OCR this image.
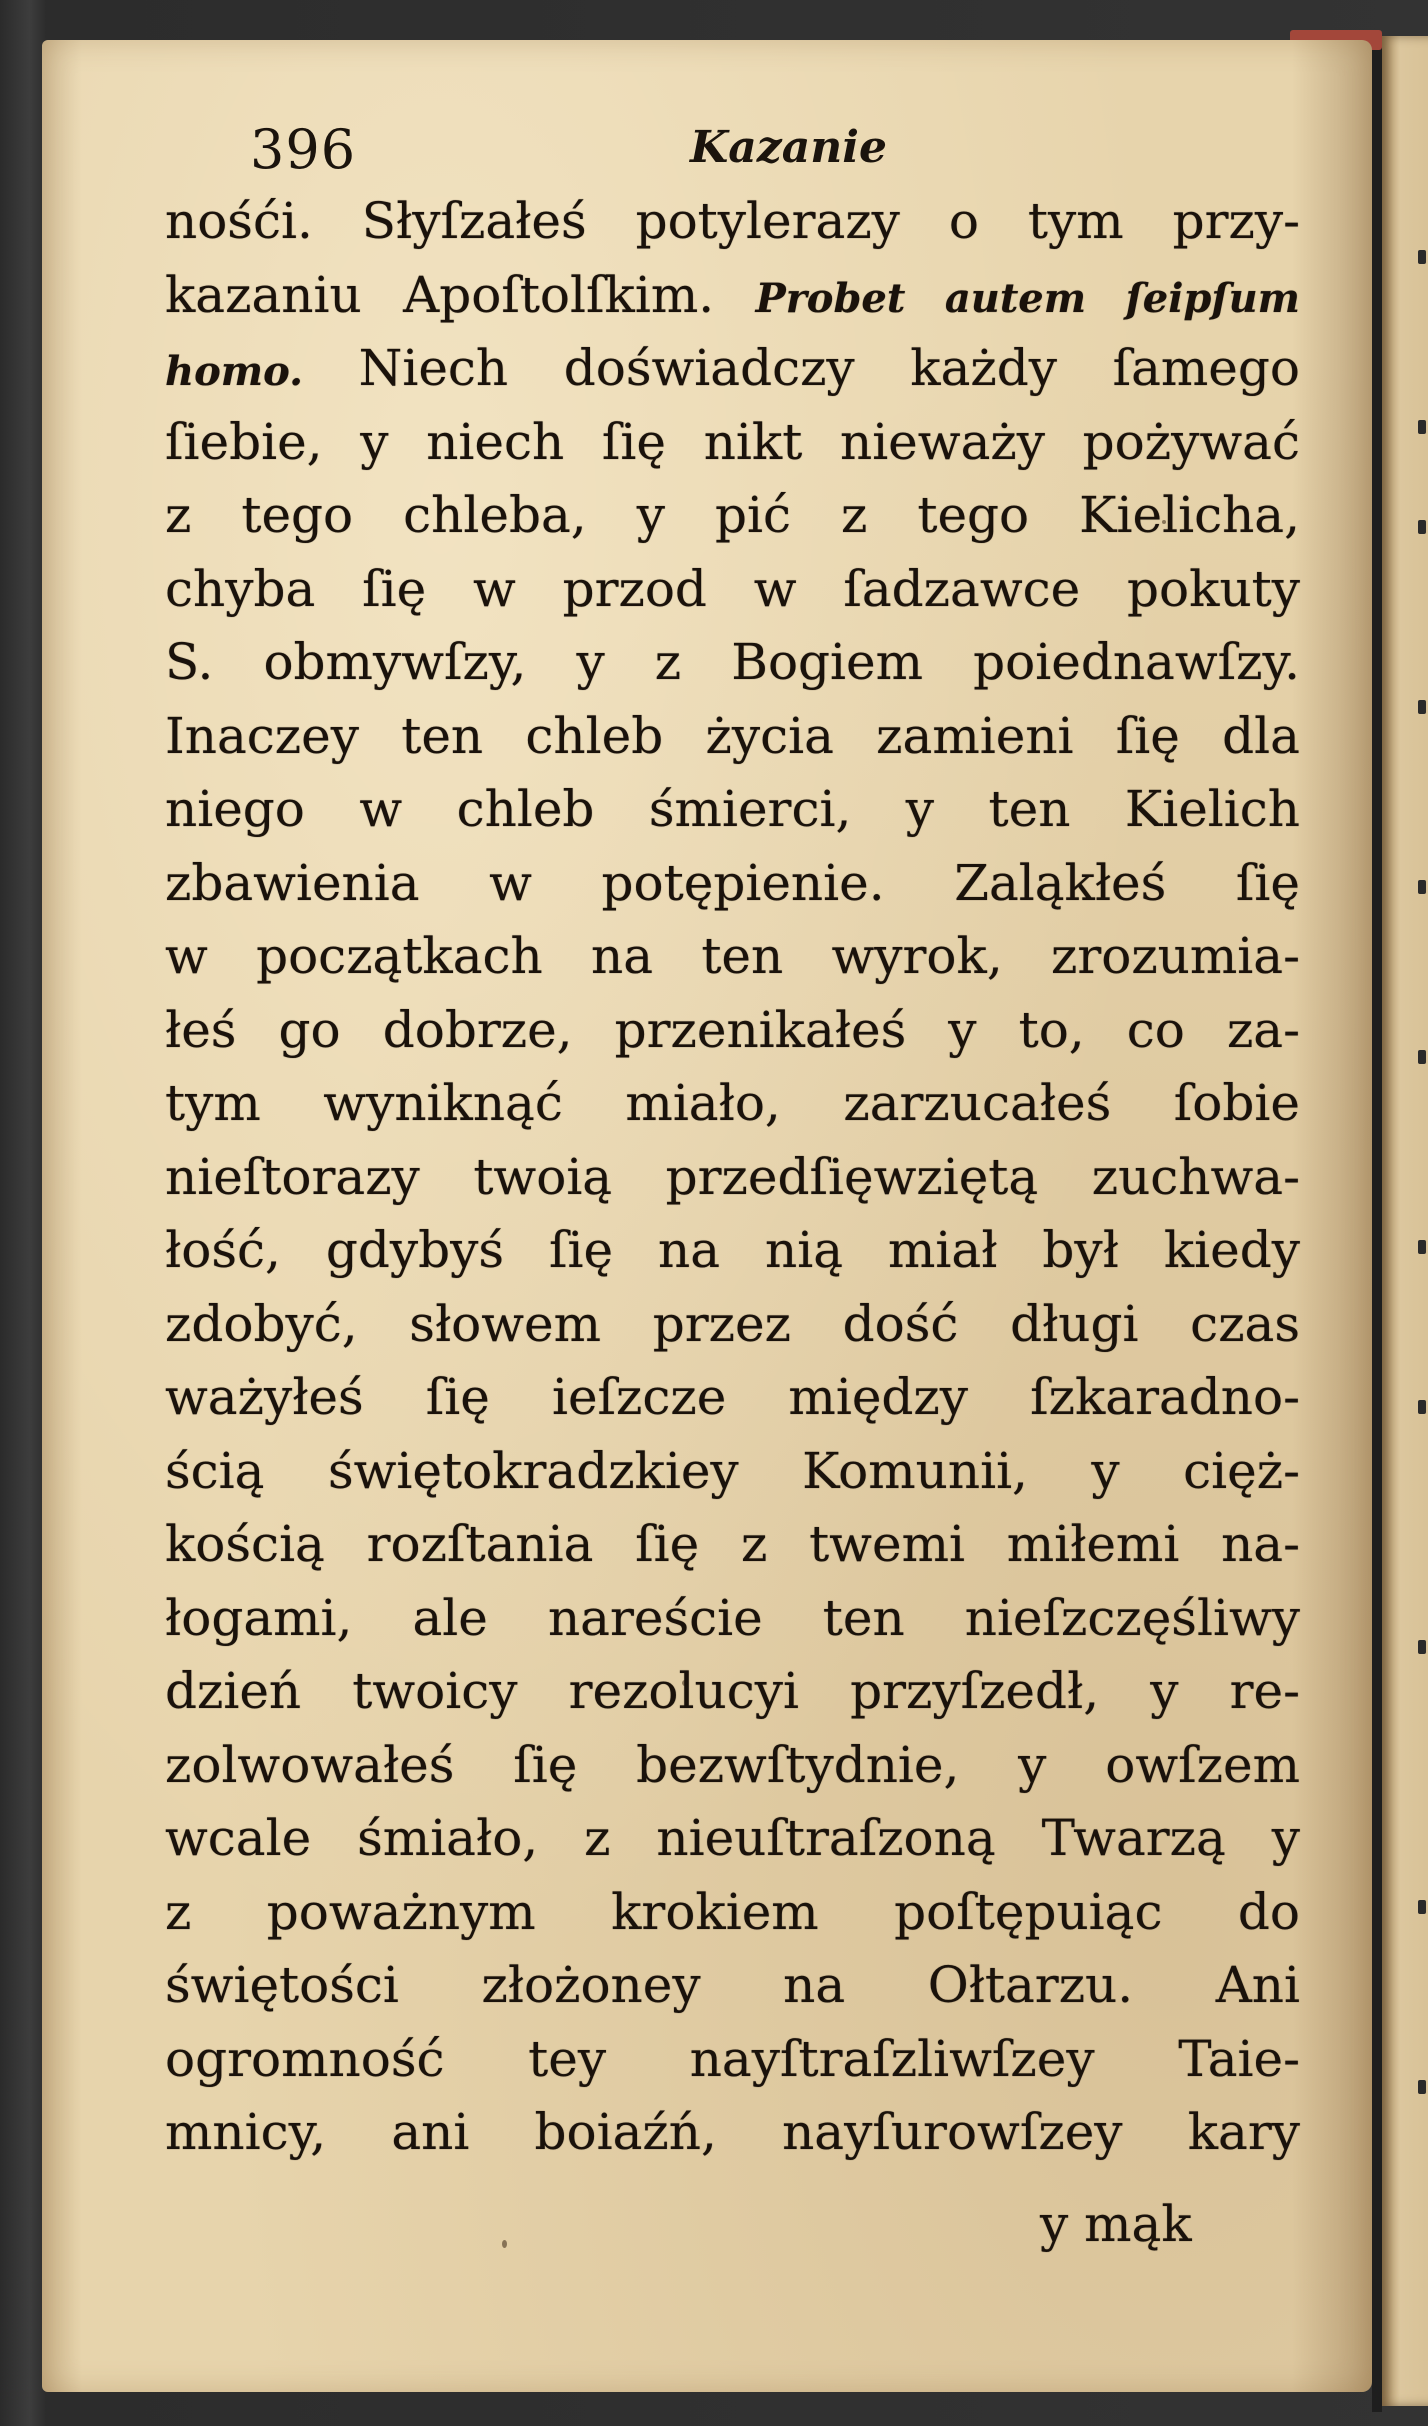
396	Kazanie
nośći. Słyſzałeś potylerazy o tym przy-
kazaniu Apoſtolſkim. Probet autem ſeipſum
homo. Niech doświadczy każdy ſamego
ſiebie, y niech ſię nikt nieważy pożywać
z tego chleba, y pić z tego Kielicha,
chyba ſię w przod w ſadzawce pokuty
S. obmywſzy, y z Bogiem poiednawſzy.
Inaczey ten chleb życia zamieni ſię dla
niego w chleb śmierci, y ten Kielich
zbawienia w potępienie. Zaląkłeś ſię
w początkach na ten wyrok, zrozumia-
łeś go dobrze, przenikałeś y to, co za-
tym wyniknąć miało, zarzucałeś ſobie
nieſtorazy twoią przedſięwziętą zuchwa-
łość, gdybyś ſię na nią miał był kiedy
zdobyć, słowem przez dość długi czas
ważyłeś ſię ieſzcze między ſzkaradno-
ścią świętokradzkiey Komunii, y cięż-
kością rozſtania ſię z twemi miłemi na-
łogami, ale nareście ten nieſzczęśliwy
dzień twoicy rezolucyi przyſzedł, y re-
zolwowałeś ſię bezwſtydnie, y owſzem
wcale śmiało, z nieuſtraſzoną Twarzą y
z poważnym krokiem poſtępuiąc do
świętości złożoney na Ołtarzu. Ani
ogromność tey nayſtraſzliwſzey Taie-
mnicy, ani boiaźń, nayſurowſzey kary
y mąk
